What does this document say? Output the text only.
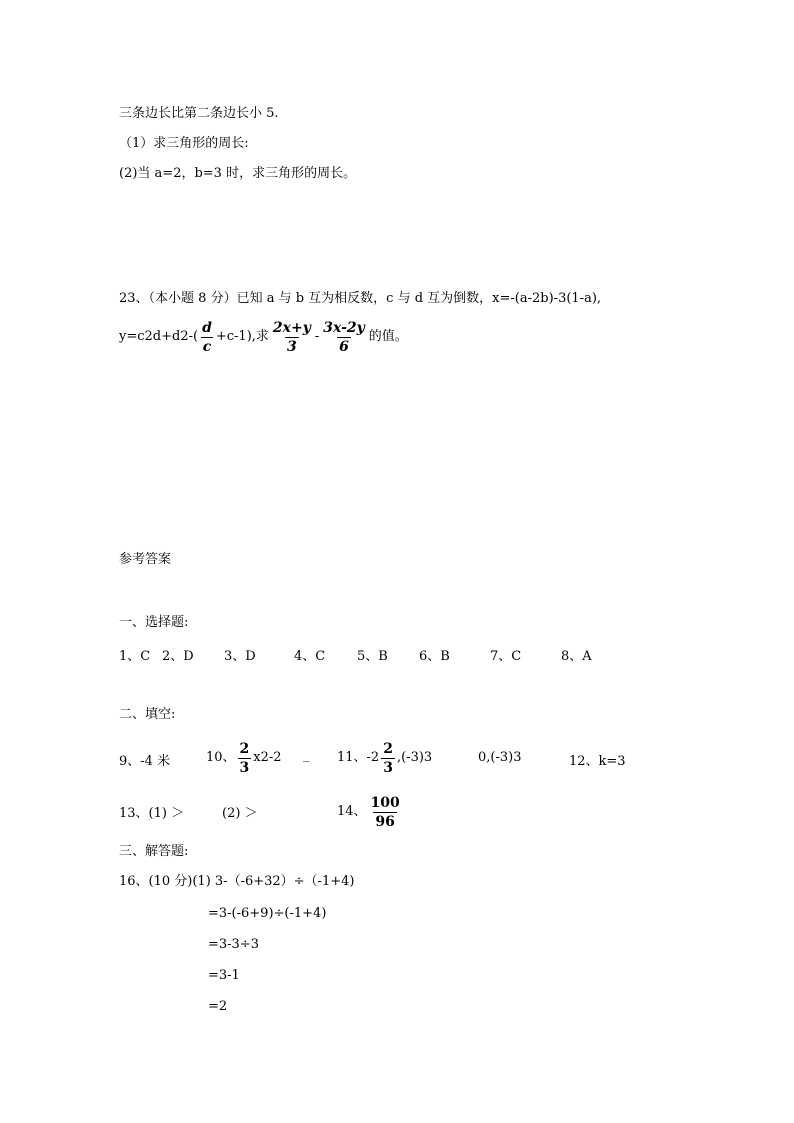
三条边长比第二条边长小 5.
（1）求三角形的周长:
(2)当 a=2，b=3 时，求三角形的周长。
23、（本小题 8 分）已知 a 与 b 互为相反数，c 与 d 互为倒数，x=-(a-2b)-3(1-a),
$y=c2d+d2-( \frac{d}{c} +c-1)$,求 $\frac{2x+y}{3} - \frac{3x-2y}{6}$ 的值。
参考答案
一、选择题:
1、C 2、D 3、D	4、C 5、B 6、B	7、C	8、A
二、填空:
9、-4 米	10、 $\frac{2}{3} x2-2$ _ 11、$-2 \frac{2}{3} ,(-3)3$	0,(-3)3	12、k=3
13、(1) ＞	(2) ＞	14、 $\frac{100}{96}$
三、解答题:
16、(10 分)(1) 3-（-6+32）÷（-1+4)
=3-(-6+9)÷(-1+4)
=3-3÷3
=3-1
=2
